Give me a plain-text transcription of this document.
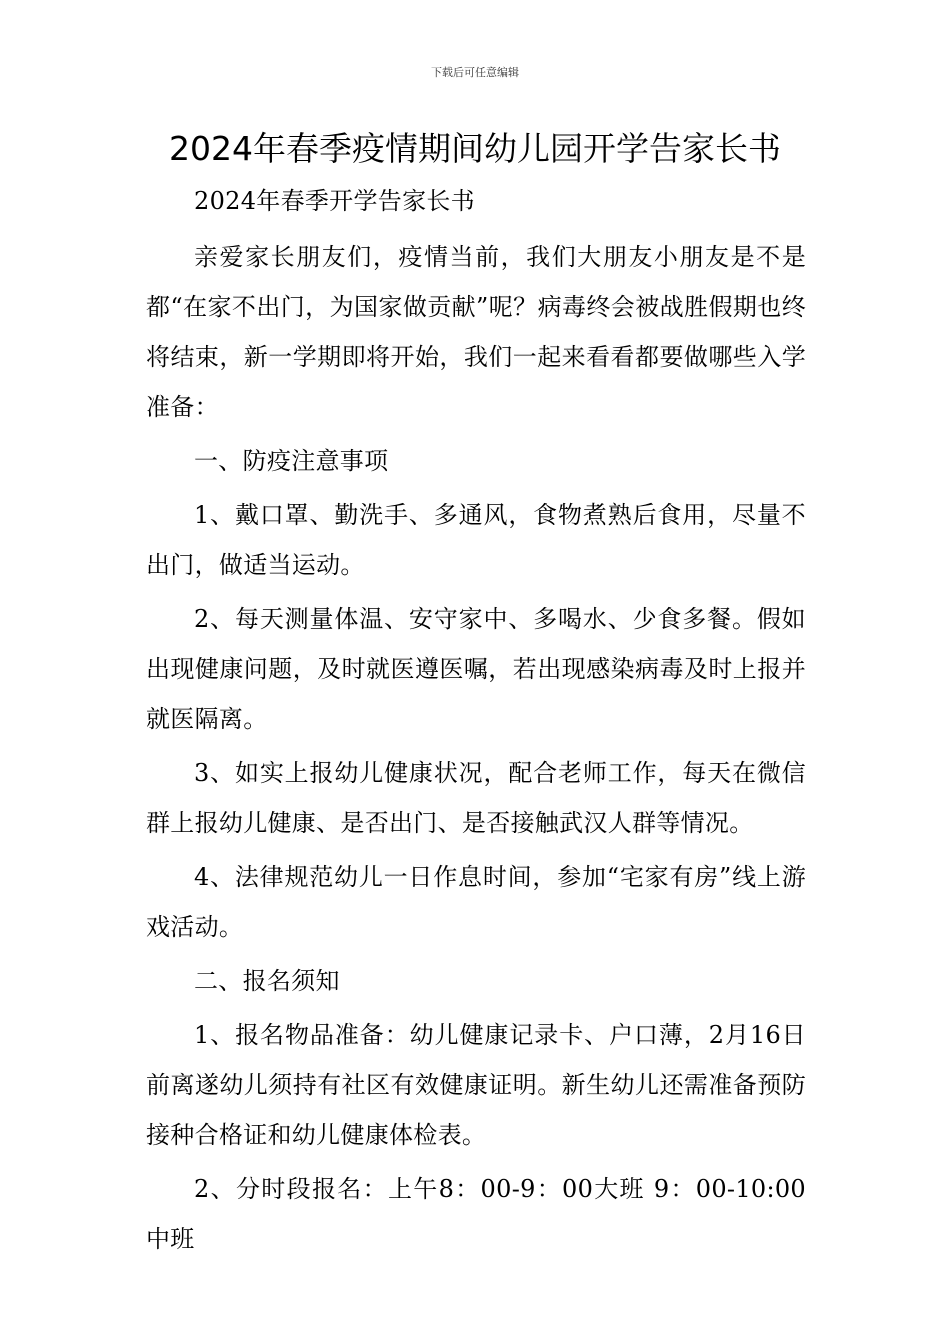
下载后可任意编辑
2024年春季疫情期间幼儿园开学告家长书

2024年春季开学告家长书

亲爱家长朋友们，疫情当前，我们大朋友小朋友是不是都“在家不出门，为国家做贡献”呢？病毒终会被战胜假期也终将结束，新一学期即将开始，我们一起来看看都要做哪些入学准备：

一、防疫注意事项

1、戴口罩、勤洗手、多通风，食物煮熟后食用，尽量不出门，做适当运动。

2、每天测量体温、安守家中、多喝水、少食多餐。假如出现健康问题，及时就医遵医嘱，若出现感染病毒及时上报并就医隔离。

3、如实上报幼儿健康状况，配合老师工作，每天在微信群上报幼儿健康、是否出门、是否接触武汉人群等情况。

4、法律规范幼儿一日作息时间，参加“宅家有房”线上游戏活动。

二、报名须知

1、报名物品准备：幼儿健康记录卡、户口薄，2月16日前离遂幼儿须持有社区有效健康证明。新生幼儿还需准备预防接种合格证和幼儿健康体检表。

2、分时段报名：上午8：00-9：00大班 9：00-10:00中班
